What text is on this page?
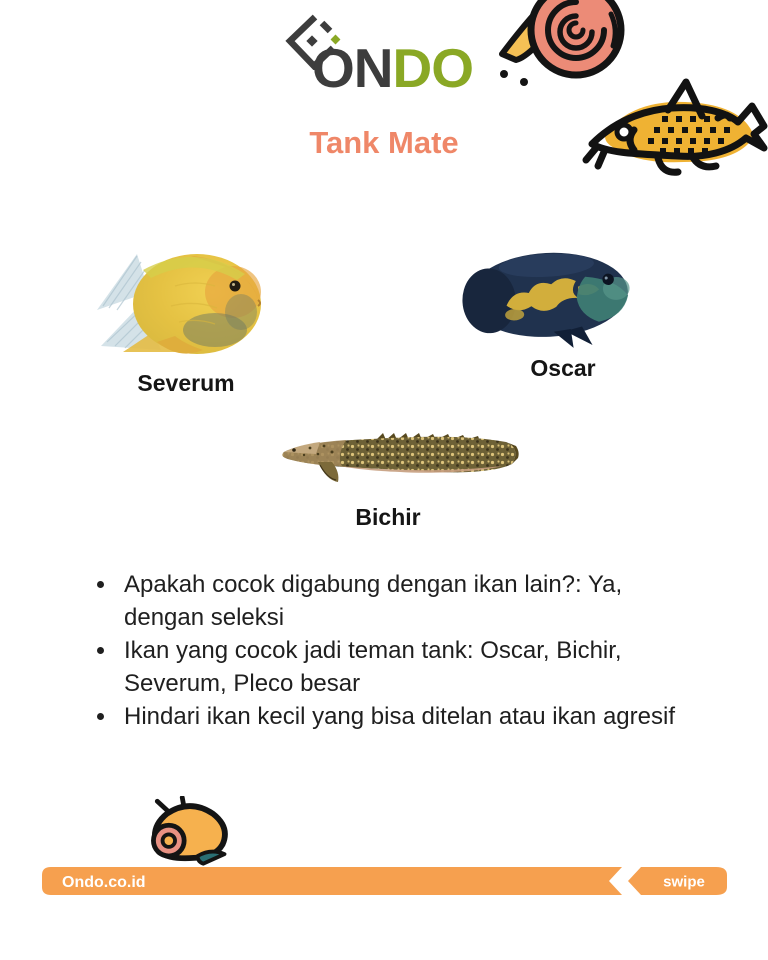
ONDO
Tank Mate
Severum
Oscar
Bichir
• Apakah cocok digabung dengan ikan lain?: Ya, dengan seleksi
• Ikan yang cocok jadi teman tank: Oscar, Bichir, Severum, Pleco besar
• Hindari ikan kecil yang bisa ditelan atau ikan agresif
Ondo.co.id	swipe
